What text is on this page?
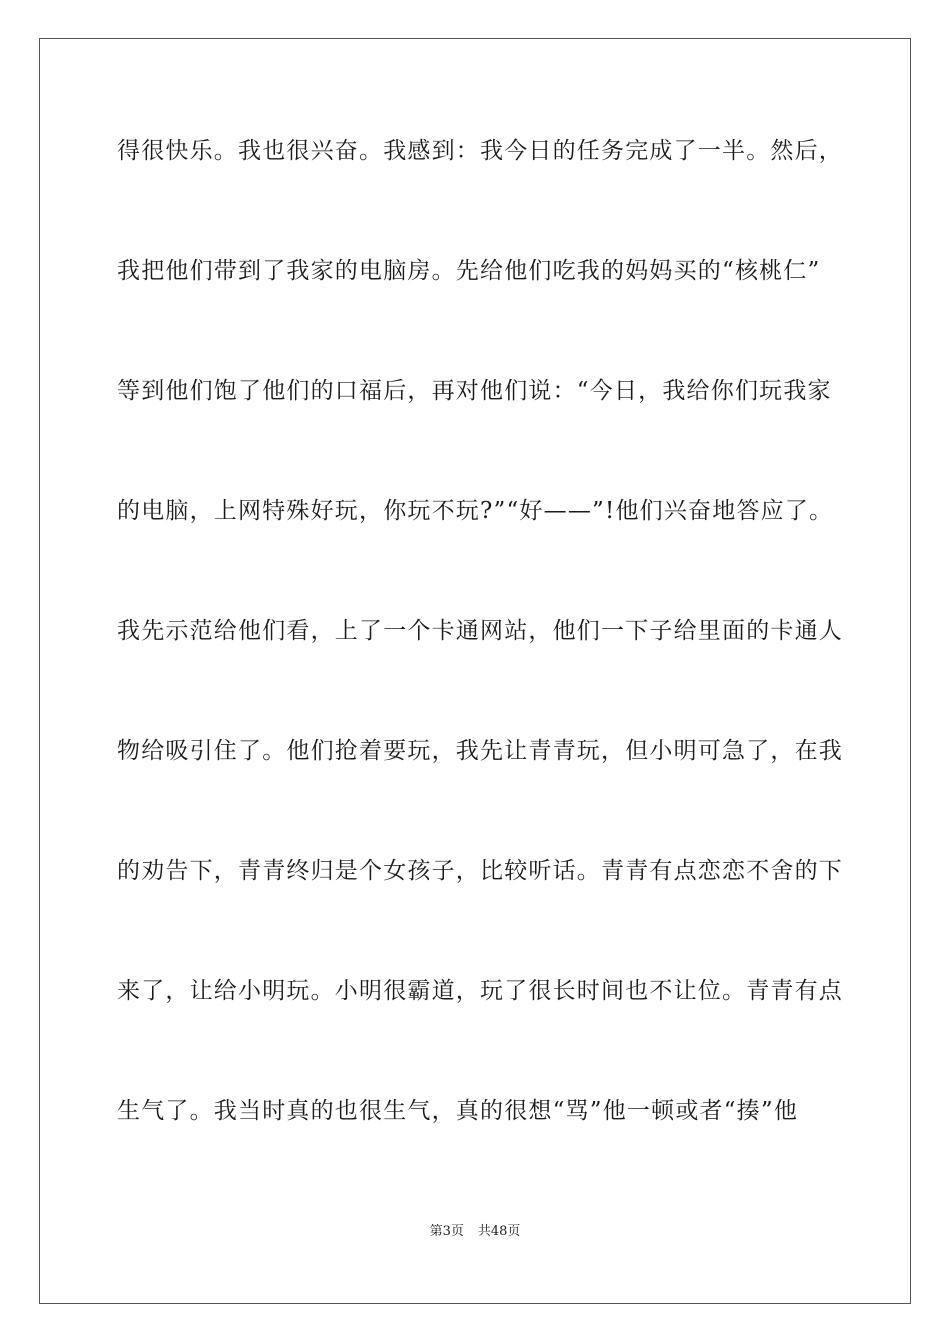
得很快乐。我也很兴奋。我感到：我今日的任务完成了一半。然后，

我把他们带到了我家的电脑房。先给他们吃我的妈妈买的“核桃仁”

等到他们饱了他们的口福后，再对他们说：“今日，我给你们玩我家

的电脑，上网特殊好玩，你玩不玩?”“好——”!他们兴奋地答应了。

我先示范给他们看，上了一个卡通网站，他们一下子给里面的卡通人

物给吸引住了。他们抢着要玩，我先让青青玩，但小明可急了，在我

的劝告下，青青终归是个女孩子，比较听话。青青有点恋恋不舍的下

来了，让给小明玩。小明很霸道，玩了很长时间也不让位。青青有点

生气了。我当时真的也很生气，真的很想“骂”他一顿或者“揍”他

第3页 共48页
